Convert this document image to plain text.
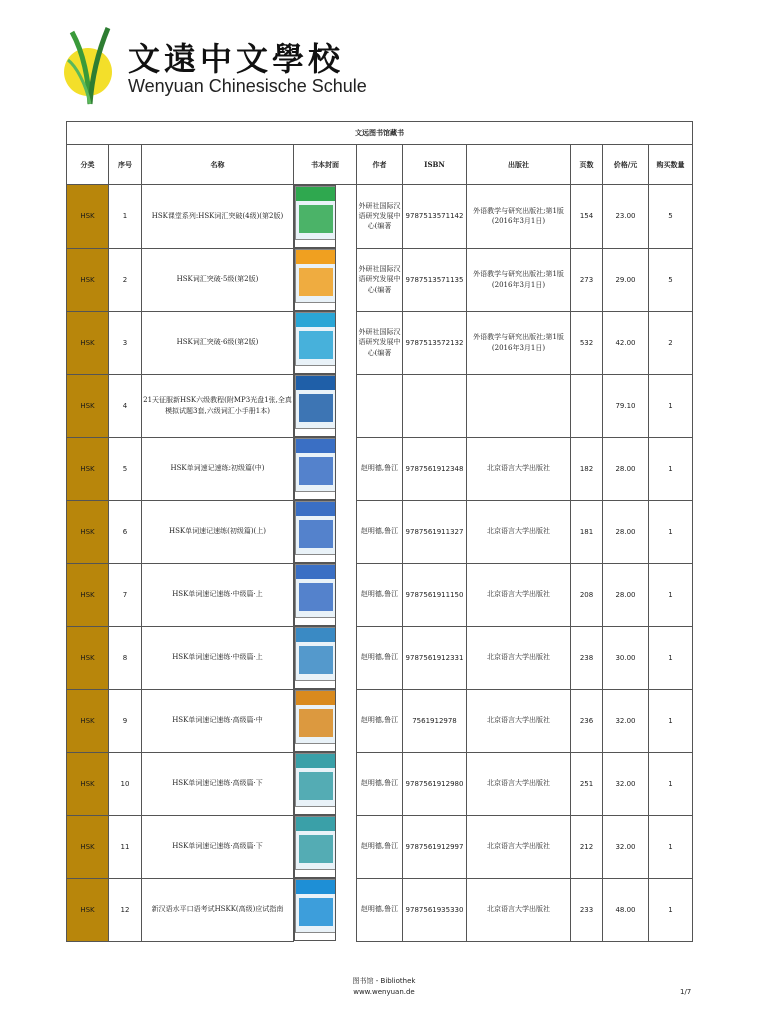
文遠中文學校
Wenyuan Chinesische Schule
文远图书馆藏书									
分类	序号	名称	书本封面	作者	ISBN	出版社	页数	价格/元	购买数量
HSK	1	HSK课堂系列:HSK词汇突破(4级)(第2版)	外研社国际汉语研究发展中心(编著	9787513571142	外语教学与研究出版社;第1版(2016年3月1日)	154	23.00	5
HSK	2	HSK词汇突破·5级(第2版)	外研社国际汉语研究发展中心(编著	9787513571135	外语教学与研究出版社;第1版(2016年3月1日)	273	29.00	5
HSK	3	HSK词汇突破·6级(第2版)	外研社国际汉语研究发展中心(编著	9787513572132	外语教学与研究出版社;第1版(2016年3月1日)	532	42.00	2
HSK	4	21天征服新HSK六级教程(附MP3光盘1张,全真模拟试题3套,六级词汇小手册1本)					79.10	1
HSK	5	HSK单词速记速练:初级篇(中)	赵明德,鲁江	9787561912348	北京语言大学出版社	182	28.00	1
HSK	6	HSK单词速记速练(初级篇)(上)	赵明德,鲁江	9787561911327	北京语言大学出版社	181	28.00	1
HSK	7	HSK单词速记速练·中级篇·上	赵明德,鲁江	9787561911150	北京语言大学出版社	208	28.00	1
HSK	8	HSK单词速记速练·中级篇·上	赵明德,鲁江	9787561912331	北京语言大学出版社	238	30.00	1
HSK	9	HSK单词速记速练·高级篇·中	赵明德,鲁江	7561912978	北京语言大学出版社	236	32.00	1
HSK	10	HSK单词速记速练·高级篇·下	赵明德,鲁江	9787561912980	北京语言大学出版社	251	32.00	1
HSK	11	HSK单词速记速练·高级篇·下	赵明德,鲁江	9787561912997	北京语言大学出版社	212	32.00	1
HSK	12	新汉语水平口语考试HSKK(高级)应试指南	赵明德,鲁江	9787561935330	北京语言大学出版社	233	48.00	1
图书馆 - Bibliothek
www.wenyuan.de	1/7
